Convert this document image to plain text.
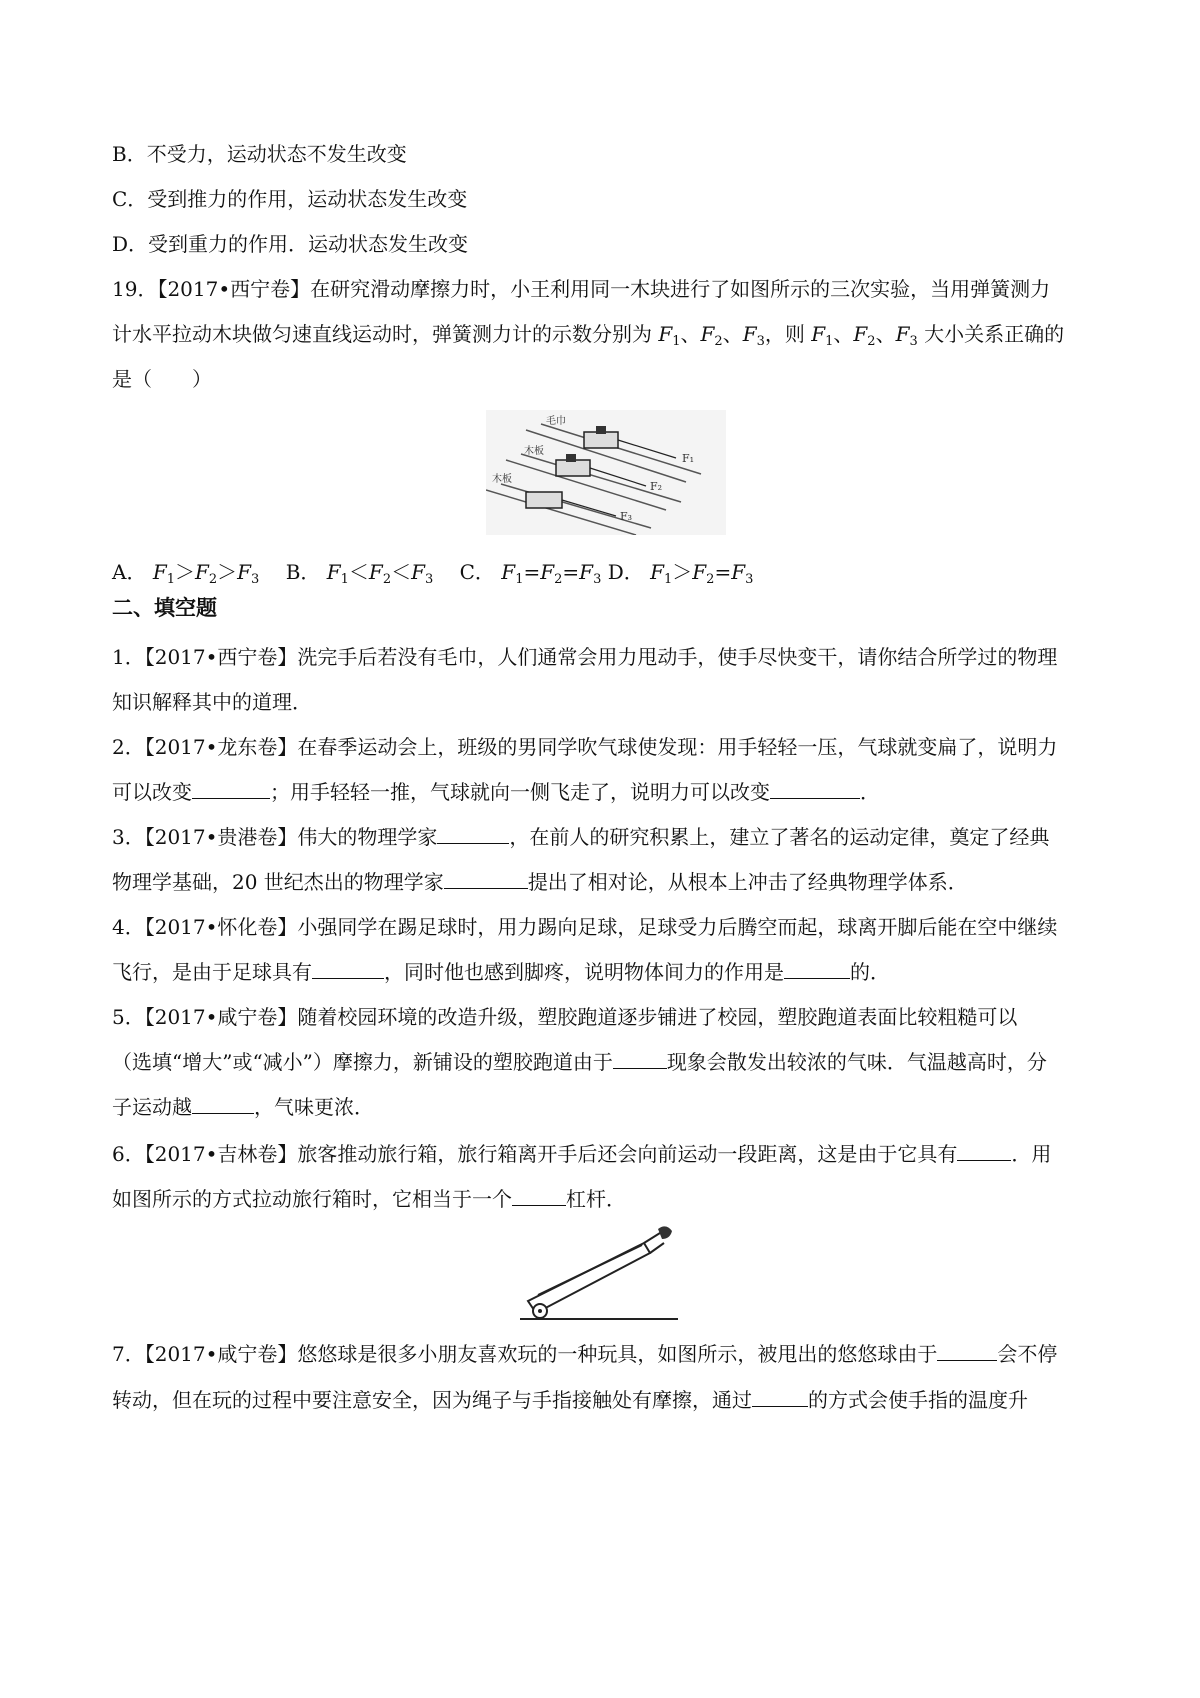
B．不受力，运动状态不发生改变
C．受到推力的作用，运动状态发生改变
D．受到重力的作用．运动状态发生改变
19．【2017•西宁卷】在研究滑动摩擦力时，小王利用同一木块进行了如图所示的三次实验，当用弹簧测力
计水平拉动木块做匀速直线运动时，弹簧测力计的示数分别为 $F_1$、$F_2$、$F_3$，则 $F_1$、$F_2$、$F_3$ 大小关系正确的
是（　　）
毛巾
木板
木板
F₁
F₂
F₃
A． $F_1>F_2>F_3$　 B． $F_1<F_2<F_3$　 C． $F_1=F_2=F_3$ D． $F_1>F_2=F_3$
二、填空题
1．【2017•西宁卷】洗完手后若没有毛巾，人们通常会用力甩动手，使手尽快变干，请你结合所学过的物理
知识解释其中的道理．
2．【2017•龙东卷】在春季运动会上，班级的男同学吹气球使发现：用手轻轻一压，气球就变扁了，说明力
可以改变	；用手轻轻一推，气球就向一侧飞走了，说明力可以改变	．
3．【2017•贵港卷】伟大的物理学家	，在前人的研究积累上，建立了著名的运动定律，奠定了经典
物理学基础，20 世纪杰出的物理学家	提出了相对论，从根本上冲击了经典物理学体系．
4．【2017•怀化卷】小强同学在踢足球时，用力踢向足球，足球受力后腾空而起，球离开脚后能在空中继续
飞行，是由于足球具有	，同时他也感到脚疼，说明物体间力的作用是	的．
5．【2017•咸宁卷】随着校园环境的改造升级，塑胶跑道逐步铺进了校园，塑胶跑道表面比较粗糙可以
（选填“增大”或“减小”）摩擦力，新铺设的塑胶跑道由于	现象会散发出较浓的气味．气温越高时，分
子运动越	，气味更浓．
6．【2017•吉林卷】旅客推动旅行箱，旅行箱离开手后还会向前运动一段距离，这是由于它具有	．用
如图所示的方式拉动旅行箱时，它相当于一个	杠杆．
7．【2017•咸宁卷】悠悠球是很多小朋友喜欢玩的一种玩具，如图所示，被甩出的悠悠球由于	会不停
转动，但在玩的过程中要注意安全，因为绳子与手指接触处有摩擦，通过	的方式会使手指的温度升
